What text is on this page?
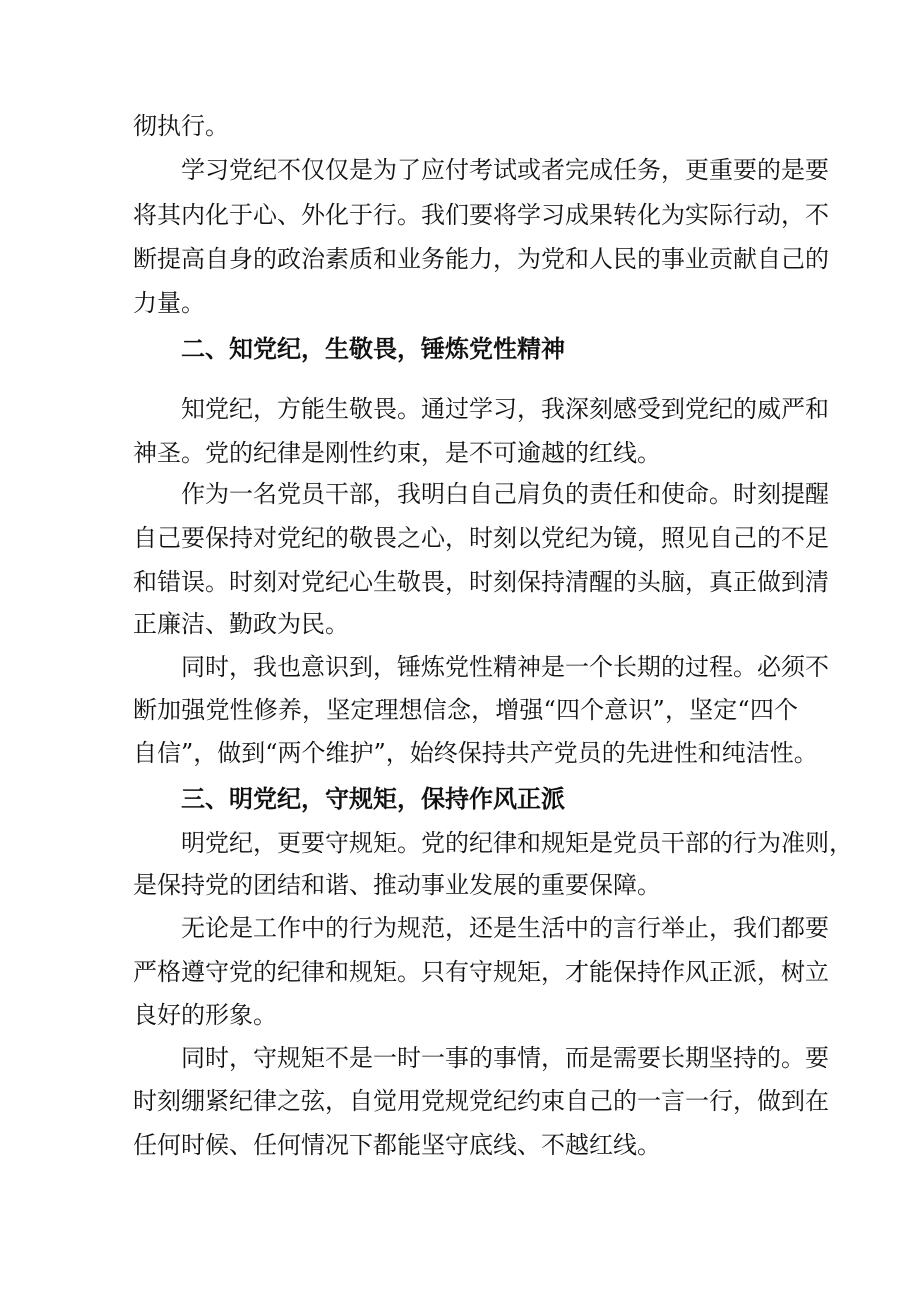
彻执行。
学习党纪不仅仅是为了应付考试或者完成任务，更重要的是要
将其内化于心、外化于行。我们要将学习成果转化为实际行动，不
断提高自身的政治素质和业务能力，为党和人民的事业贡献自己的
力量。
二、知党纪，生敬畏，锤炼党性精神
知党纪，方能生敬畏。通过学习，我深刻感受到党纪的威严和
神圣。党的纪律是刚性约束，是不可逾越的红线。
作为一名党员干部，我明白自己肩负的责任和使命。时刻提醒
自己要保持对党纪的敬畏之心，时刻以党纪为镜，照见自己的不足
和错误。时刻对党纪心生敬畏，时刻保持清醒的头脑，真正做到清
正廉洁、勤政为民。
同时，我也意识到，锤炼党性精神是一个长期的过程。必须不
断加强党性修养，坚定理想信念，增强“四个意识”，坚定“四个
自信”，做到“两个维护”，始终保持共产党员的先进性和纯洁性。
三、明党纪，守规矩，保持作风正派
明党纪，更要守规矩。党的纪律和规矩是党员干部的行为准则，
是保持党的团结和谐、推动事业发展的重要保障。
无论是工作中的行为规范，还是生活中的言行举止，我们都要
严格遵守党的纪律和规矩。只有守规矩，才能保持作风正派，树立
良好的形象。
同时，守规矩不是一时一事的事情，而是需要长期坚持的。要
时刻绷紧纪律之弦，自觉用党规党纪约束自己的一言一行，做到在
任何时候、任何情况下都能坚守底线、不越红线。
